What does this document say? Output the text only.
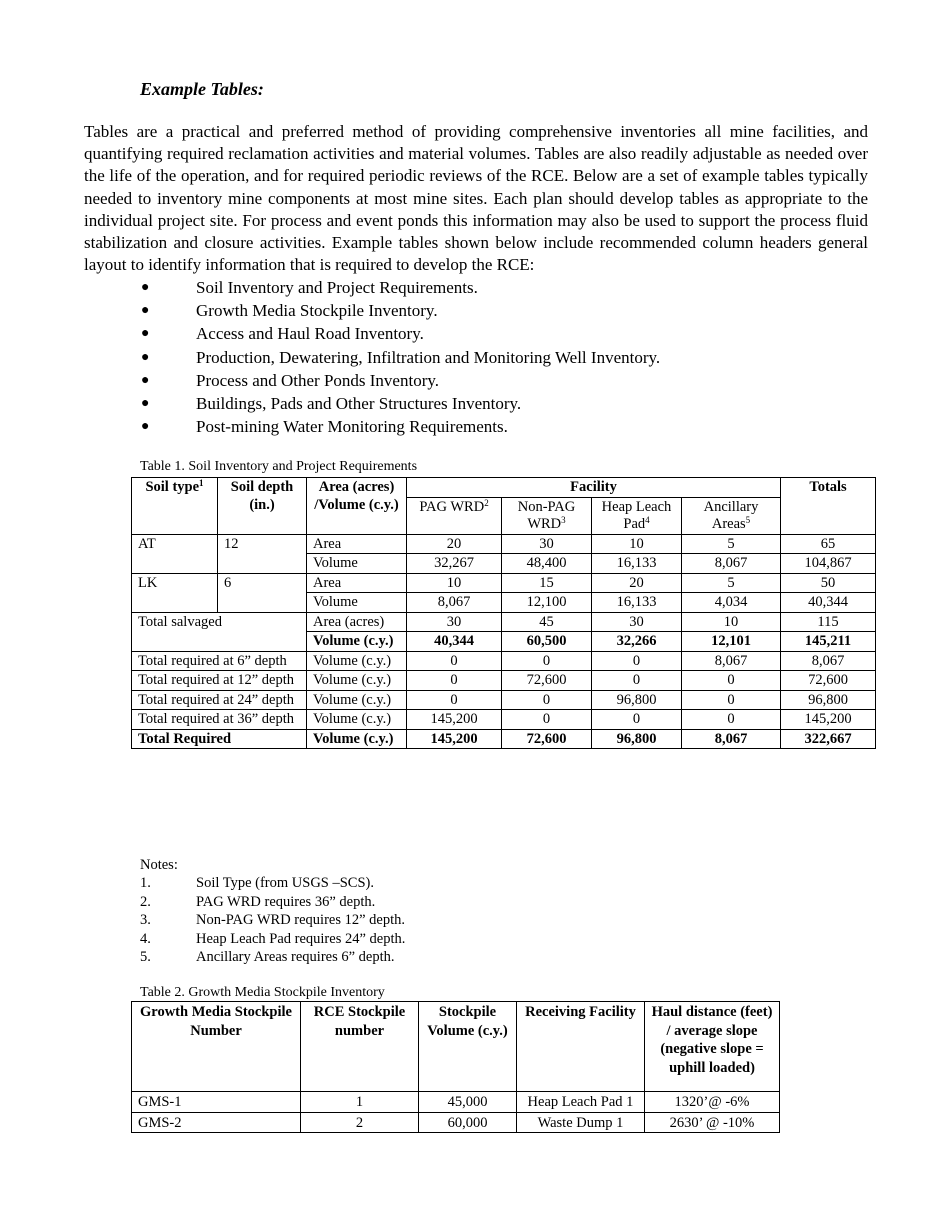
Example Tables:

Tables are a practical and preferred method of providing comprehensive inventories all mine facilities, and quantifying required reclamation activities and material volumes. Tables are also readily adjustable as needed over the life of the operation, and for required periodic reviews of the RCE. Below are a set of example tables typically needed to inventory mine components at most mine sites. Each plan should develop tables as appropriate to the individual project site. For process and event ponds this information may also be used to support the process fluid stabilization and closure activities. Example tables shown below include recommended column headers general layout to identify information that is required to develop the RCE:

●	Soil Inventory and Project Requirements.
●	Growth Media Stockpile Inventory.
●	Access and Haul Road Inventory.
●	Production, Dewatering, Infiltration and Monitoring Well Inventory.
●	Process and Other Ponds Inventory.
●	Buildings, Pads and Other Structures Inventory.
●	Post-mining Water Monitoring Requirements.
Table 1. Soil Inventory and Project Requirements
Soil type$^1$	Soil depth (in.)	Area (acres) /Volume (c.y.)	Facility				Totals
			PAG WRD$^2$	Non-PAG WRD$^3$	Heap Leach Pad$^4$	Ancillary Areas$^5$
AT	12	Area	20	30	10	5	65
		Volume	32,267	48,400	16,133	8,067	104,867
LK	6	Area	10	15	20	5	50
		Volume	8,067	12,100	16,133	4,034	40,344
Total salvaged		Area (acres)	30	45	30	10	115
		Volume (c.y.)	40,344	60,500	32,266	12,101	145,211
Total required at 6” depth		Volume (c.y.)	0	0	0	8,067	8,067
Total required at 12” depth		Volume (c.y.)	0	72,600	0	0	72,600
Total required at 24” depth		Volume (c.y.)	0	0	96,800	0	96,800
Total required at 36” depth		Volume (c.y.)	145,200	0	0	0	145,200
Total Required		Volume (c.y.)	145,200	72,600	96,800	8,067	322,667
Notes:
1.	Soil Type (from USGS –SCS).
2.	PAG WRD requires 36” depth.
3.	Non-PAG WRD requires 12” depth.
4.	Heap Leach Pad requires 24” depth.
5.	Ancillary Areas requires 6” depth.
Table 2. Growth Media Stockpile Inventory
Growth Media Stockpile Number	RCE Stockpile number	Stockpile Volume (c.y.)	Receiving Facility	Haul distance (feet) / average slope (negative slope = uphill loaded)
GMS-1	1	45,000	Heap Leach Pad 1	1320’@ -6%
GMS-2	2	60,000	Waste Dump 1	2630’ @ -10%
